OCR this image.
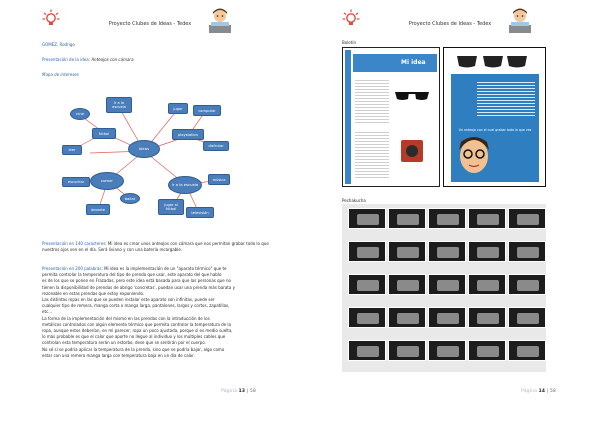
Proyecto Clubes de Ideas - Tedex
GOMEZ, Rodrigo
Presentación de la idea: Anteojos con cámara
Mapa de intereses
Ideas
Ir a la escuela
cine
fútbol
jugar	computar
playstation
disfrutar
leer
comer
escuchar
deporte
bailar
Ir a la escuela
música
jugar al fútbol
televisión
Presentación en 140 caracteres: Mi idea es crear unos anteojos con cámara que nos permitan grabar todo lo que nuestros ojos ven en el día. Será liviano y con una batería recargable.
Presentación en 200 palabras: Mi idea es la implementación de un "aparato térmico" que te
permita controlar la temperatura del tipo de prenda que usar, este aparato del que hablo
es de los que se ponen en Frazadas, pero este idea está basada para que las personas que no
tienen la disponibilidad de prendas de abrigo 'concretas', puedan usar una prenda más barata y
rezonable en estas prendas que estoy exponiendo.
Las distintas ropas en las que se pueden instalar este aparato son infinitas, puede ser
cualquier tipo de remera, manga corta o manga larga, pantalones, largos y cortos, zapatillas,
etc...
La forma de la implementación del mismo en las prendas con la introducción de los
metálicos controlados con algún elemento térmico que permita controlar la temperatura de la
ropa, aunque estos deberían, en mi parecer, ropa un poco ajustada, porque si es medio suelta,
lo más probable es que el calor que aporte no llegue al individuo y los múltiples cables que
controlan esta temperatura serán un estorbo, dese que se sentirán por el cuerpo.
No sé si se podría aplicar la temperatura de la prenda, sino que se podría bajar, algo como
estar con una remera manga larga con temperatura baja en un día de calor.
Página 13 | 58
Proyecto Clubes de Ideas - Tedex
Boletín
Mi idea
Un anteojo con el cual grabar todo lo que ves
Pechakucha
Página 14 | 58
